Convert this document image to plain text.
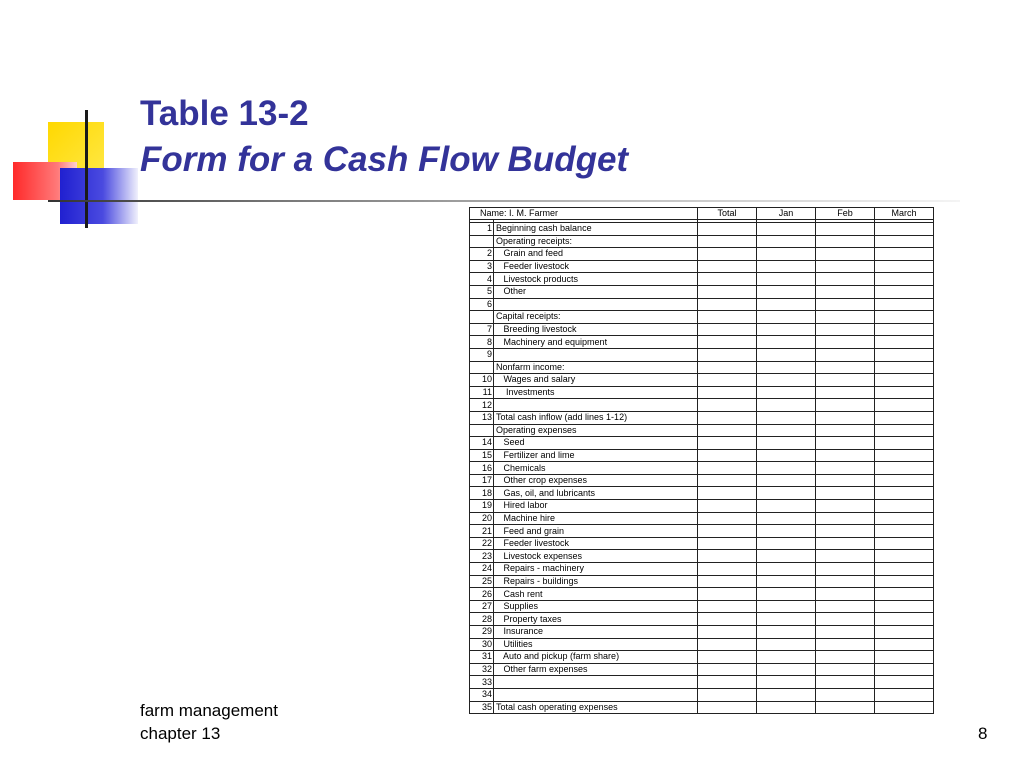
Table 13-2
Form for a Cash Flow Budget
Name: I. M. Farmer		Total	Jan	Feb	March

1	Beginning cash balance				
	Operating receipts:				
2	Grain and feed				
3	Feeder livestock				
4	Livestock products				
5	Other				
6					
	Capital receipts:				
7	Breeding livestock				
8	Machinery and equipment				
9					
	Nonfarm income:				
10	Wages and salary				
11	Investments				
12					
13	Total cash inflow (add lines 1-12)				
	Operating expenses				
14	Seed				
15	Fertilizer and lime				
16	Chemicals				
17	Other crop expenses				
18	Gas, oil, and lubricants				
19	Hired labor				
20	Machine hire				
21	Feed and grain				
22	Feeder livestock				
23	Livestock expenses				
24	Repairs - machinery				
25	Repairs - buildings				
26	Cash rent				
27	Supplies				
28	Property taxes				
29	Insurance				
30	Utilities				
31	Auto and pickup (farm share)				
32	Other farm expenses				
33					
34					
35	Total cash operating expenses				
farm management
chapter 13	8
